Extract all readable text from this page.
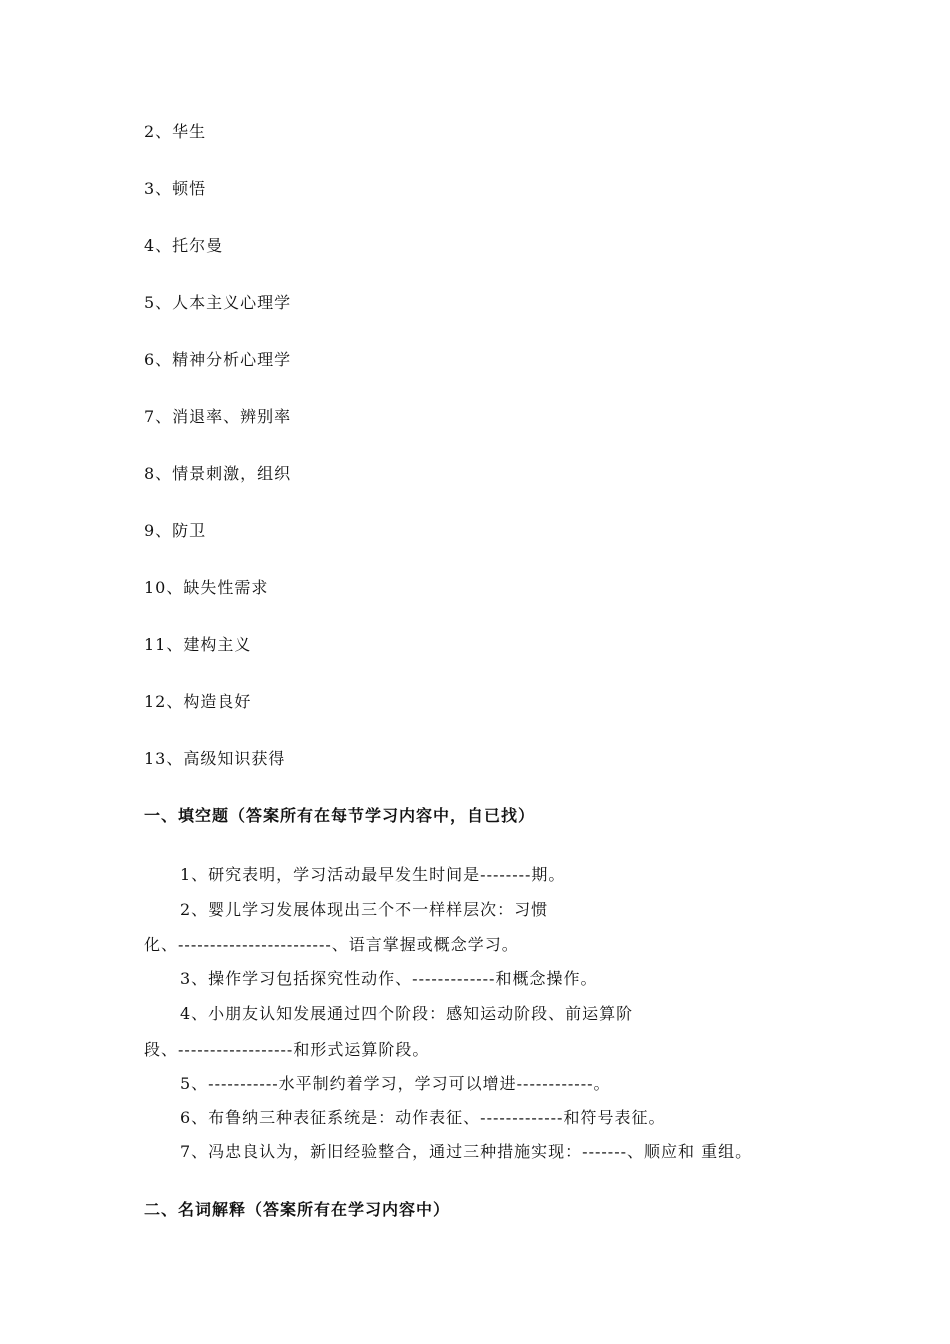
2、华生
3、顿悟
4、托尔曼
5、人本主义心理学
6、精神分析心理学
7、消退率、辨别率
8、情景刺激，组织
9、防卫
10、缺失性需求
11、建构主义
12、构造良好
13、高级知识获得
一、填空题（答案所有在每节学习内容中，自已找）
1、研究表明，学习活动最早发生时间是--------期。
2、婴儿学习发展体现出三个不一样样层次：习惯
化、------------------------、语言掌握或概念学习。
3、操作学习包括探究性动作、-------------和概念操作。
4、小朋友认知发展通过四个阶段：感知运动阶段、前运算阶
段、------------------和形式运算阶段。
5、-----------水平制约着学习，学习可以增进------------。
6、布鲁纳三种表征系统是：动作表征、-------------和符号表征。
7、冯忠良认为，新旧经验整合，通过三种措施实现：-------、顺应和 重组。
二、名词解释（答案所有在学习内容中）
